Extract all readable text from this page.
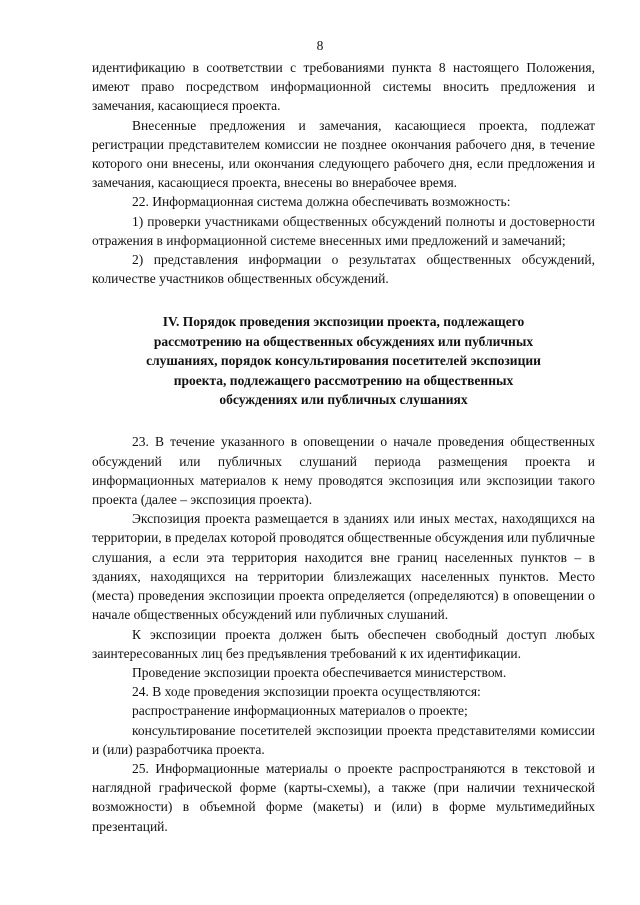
8

идентификацию в соответствии с требованиями пункта 8 настоящего Положения, имеют право посредством информационной системы вносить предложения и замечания, касающиеся проекта.

Внесенные предложения и замечания, касающиеся проекта, подлежат регистрации представителем комиссии не позднее окончания рабочего дня, в течение которого они внесены, или окончания следующего рабочего дня, если предложения и замечания, касающиеся проекта, внесены во внерабочее время.

22. Информационная система должна обеспечивать возможность:

1) проверки участниками общественных обсуждений полноты и достоверности отражения в информационной системе внесенных ими предложений и замечаний;

2) представления информации о результатах общественных обсуждений, количестве участников общественных обсуждений.

IV. Порядок проведения экспозиции проекта, подлежащего
рассмотрению на общественных обсуждениях или публичных
слушаниях, порядок консультирования посетителей экспозиции
проекта, подлежащего рассмотрению на общественных
обсуждениях или публичных слушаниях

23. В течение указанного в оповещении о начале проведения общественных обсуждений или публичных слушаний периода размещения проекта и информационных материалов к нему проводятся экспозиция или экспозиции такого проекта (далее – экспозиция проекта).

Экспозиция проекта размещается в зданиях или иных местах, находящихся на территории, в пределах которой проводятся общественные обсуждения или публичные слушания, а если эта территория находится вне границ населенных пунктов – в зданиях, находящихся на территории близлежащих населенных пунктов. Место (места) проведения экспозиции проекта определяется (определяются) в оповещении о начале общественных обсуждений или публичных слушаний.

К экспозиции проекта должен быть обеспечен свободный доступ любых заинтересованных лиц без предъявления требований к их идентификации.

Проведение экспозиции проекта обеспечивается министерством.

24. В ходе проведения экспозиции проекта осуществляются:

распространение информационных материалов о проекте;

консультирование посетителей экспозиции проекта представителями комиссии и (или) разработчика проекта.

25. Информационные материалы о проекте распространяются в текстовой и наглядной графической форме (карты-схемы), а также (при наличии технической возможности) в объемной форме (макеты) и (или) в форме мультимедийных презентаций.
